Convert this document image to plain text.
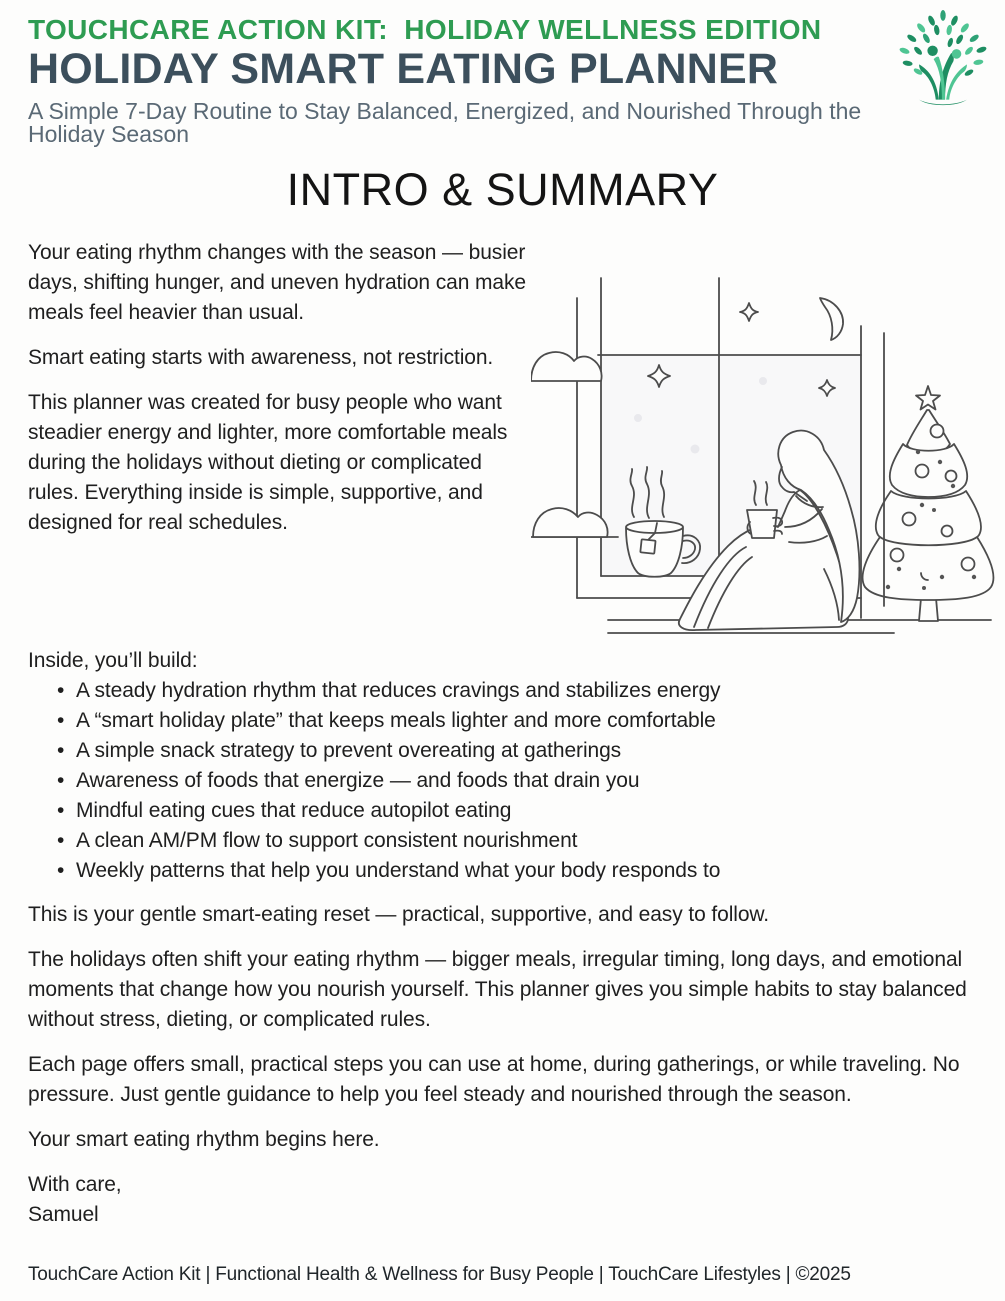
TOUCHCARE ACTION KIT:  HOLIDAY WELLNESS EDITION
HOLIDAY SMART EATING PLANNER
A Simple 7-Day Routine to Stay Balanced, Energized, and Nourished Through the Holiday Season
INTRO & SUMMARY

Your eating rhythm changes with the season — busier days, shifting hunger, and uneven hydration can make meals feel heavier than usual.

Smart eating starts with awareness, not restriction.

This planner was created for busy people who want steadier energy and lighter, more comfortable meals during the holidays without dieting or complicated rules. Everything inside is simple, supportive, and designed for real schedules.

Inside, you’ll build:
• A steady hydration rhythm that reduces cravings and stabilizes energy
• A “smart holiday plate” that keeps meals lighter and more comfortable
• A simple snack strategy to prevent overeating at gatherings
• Awareness of foods that energize — and foods that drain you
• Mindful eating cues that reduce autopilot eating
• A clean AM/PM flow to support consistent nourishment
• Weekly patterns that help you understand what your body responds to

This is your gentle smart-eating reset — practical, supportive, and easy to follow.

The holidays often shift your eating rhythm — bigger meals, irregular timing, long days, and emotional moments that change how you nourish yourself. This planner gives you simple habits to stay balanced without stress, dieting, or complicated rules.

Each page offers small, practical steps you can use at home, during gatherings, or while traveling. No pressure. Just gentle guidance to help you feel steady and nourished through the season.

Your smart eating rhythm begins here.

With care,
Samuel
TouchCare Action Kit | Functional Health & Wellness for Busy People | TouchCare Lifestyles | ©2025
